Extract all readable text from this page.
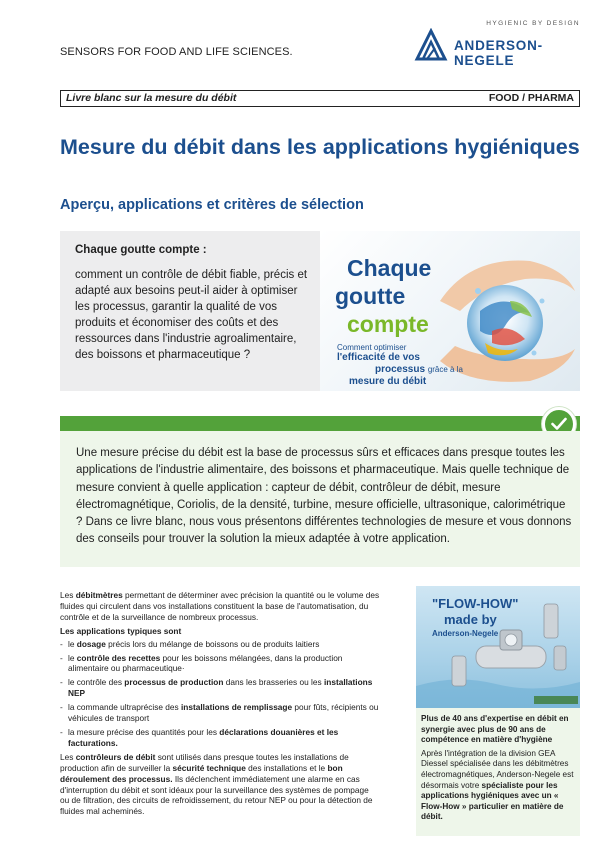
SENSORS FOR FOOD AND LIFE SCIENCES.
HYGIENIC BY DESIGN
ANDERSON-NEGELE
Livre blanc sur la mesure du débit	FOOD / PHARMA
Mesure du débit dans les applications hygiéniques
Aperçu, applications et critères de sélection
Chaque goutte compte :
comment un contrôle de débit fiable, précis et adapté aux besoins peut-il aider à optimiser les processus, garantir la qualité de vos produits et économiser des coûts et des ressources dans l'industrie agroalimentaire, des boissons et pharmaceutique ?
Chaque
goutte
compte
Comment optimiser
l'efficacité de vos
processus grâce à la
mesure du débit
Une mesure précise du débit est la base de processus sûrs et efficaces dans presque toutes les applications de l'industrie alimentaire, des boissons et pharmaceutique. Mais quelle technique de mesure convient à quelle application : capteur de débit, contrôleur de débit, mesure électromagnétique, Coriolis, de la densité, turbine, mesure officielle, ultrasonique, calorimétrique ? Dans ce livre blanc, nous vous présentons différentes technologies de mesure et vous donnons des conseils pour trouver la solution la mieux adaptée à votre application.

Les débitmètres permettant de déterminer avec précision la quantité ou le volume des fluides qui circulent dans vos installations constituent la base de l'automatisation, du contrôle et de la surveillance de nombreux processus.

Les applications typiques sont

- le dosage précis lors du mélange de boissons ou de produits laitiers
- le contrôle des recettes pour les boissons mélangées, dans la production alimentaire ou pharmaceutique·
- le contrôle des processus de production dans les brasseries ou les installations NEP
- la commande ultraprécise des installations de remplissage pour fûts, récipients ou véhicules de transport
- la mesure précise des quantités pour les déclarations douanières et les facturations.

Les contrôleurs de débit sont utilisés dans presque toutes les installations de production afin de surveiller la sécurité technique des installations et le bon déroulement des processus. Ils déclenchent immédiatement une alarme en cas d'interruption du débit et sont idéaux pour la surveillance des systèmes de pompage ou de filtration, des circuits de refroidissement, du retour NEP ou pour la détection de fluides mal acheminés.

"FLOW-HOW"
made by
Anderson-Negele
Plus de 40 ans d'expertise en débit en synergie avec plus de 90 ans de compétence en matière d'hygiène
Après l'intégration de la division GEA Diessel spécialisée dans les débitmètres électromagnétiques, Anderson-Negele est désormais votre spécialiste pour les applications hygiéniques avec un « Flow-How » particulier en matière de débit.
